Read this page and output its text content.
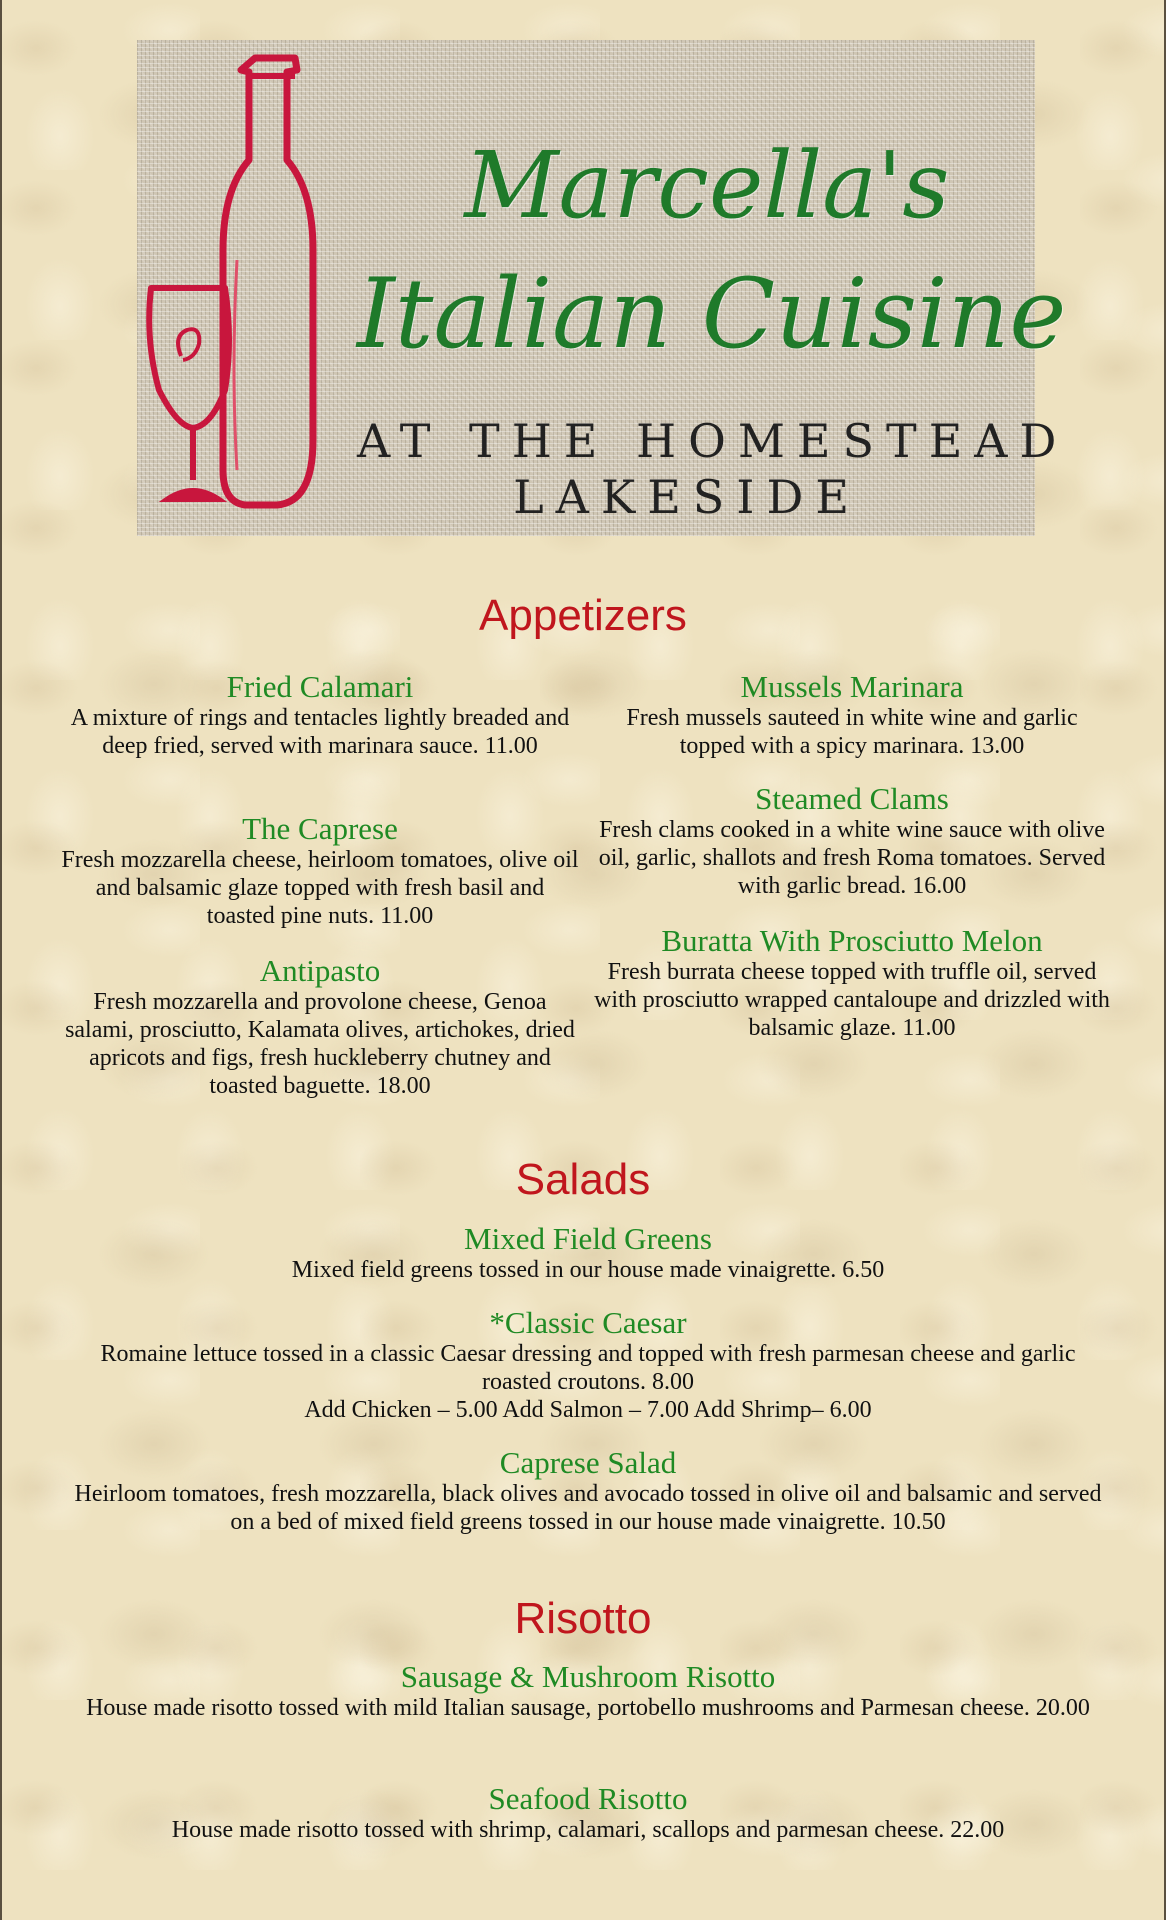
Marcella's
Italian Cuisine
AT THE HOMESTEAD
LAKESIDE
Appetizers
Fried Calamari
A mixture of rings and tentacles lightly breaded and deep fried, served with marinara sauce. 11.00
The Caprese
Fresh mozzarella cheese, heirloom tomatoes, olive oil and balsamic glaze topped with fresh basil and toasted pine nuts. 11.00
Antipasto
Fresh mozzarella and provolone cheese, Genoa salami, prosciutto, Kalamata olives, artichokes, dried apricots and figs, fresh huckleberry chutney and toasted baguette. 18.00
Mussels Marinara
Fresh mussels sauteed in white wine and garlic topped with a spicy marinara. 13.00
Steamed Clams
Fresh clams cooked in a white wine sauce with olive oil, garlic, shallots and fresh Roma tomatoes. Served with garlic bread. 16.00
Buratta With Prosciutto Melon
Fresh burrata cheese topped with truffle oil, served with prosciutto wrapped cantaloupe and drizzled with balsamic glaze. 11.00
Salads
Mixed Field Greens
Mixed field greens tossed in our house made vinaigrette. 6.50
*Classic Caesar
Romaine lettuce tossed in a classic Caesar dressing and topped with fresh parmesan cheese and garlic roasted croutons. 8.00
Add Chicken – 5.00 Add Salmon – 7.00 Add Shrimp– 6.00
Caprese Salad
Heirloom tomatoes, fresh mozzarella, black olives and avocado tossed in olive oil and balsamic and served on a bed of mixed field greens tossed in our house made vinaigrette. 10.50
Risotto
Sausage & Mushroom Risotto
House made risotto tossed with mild Italian sausage, portobello mushrooms and Parmesan cheese. 20.00
Seafood Risotto
House made risotto tossed with shrimp, calamari, scallops and parmesan cheese. 22.00
